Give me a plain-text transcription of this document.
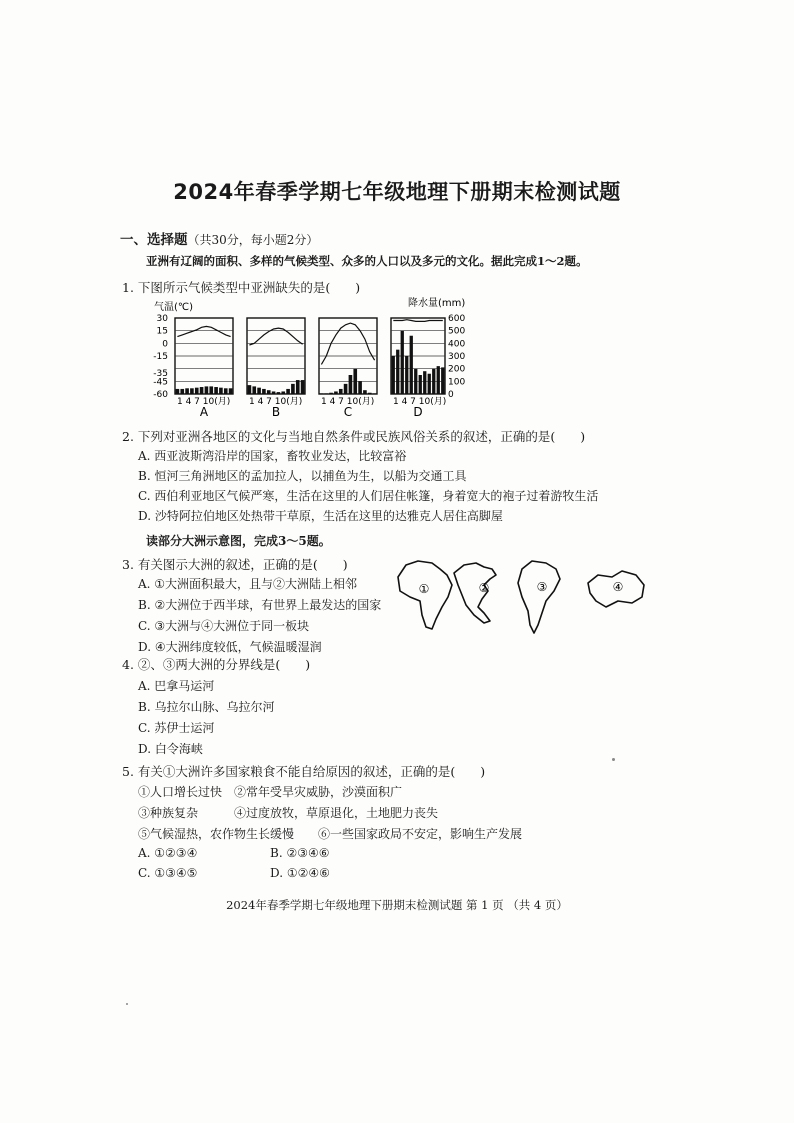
2024年春季学期七年级地理下册期末检测试题
一、选择题（共30分，每小题2分）
亚洲有辽阔的面积、多样的气候类型、众多的人口以及多元的文化。据此完成1～2题。
1. 下图所示气候类型中亚洲缺失的是(　　)
气温(℃)	降水量(mm)
30
15
0
-15
-35
-45
-60
600
500
400
300
200
100
0
1 4 7 10(月)
A
1 4 7 10(月)
B
1 4 7 10(月)
C
1 4 7 10(月)
D
2. 下列对亚洲各地区的文化与当地自然条件或民族风俗关系的叙述，正确的是(　　)
A. 西亚波斯湾沿岸的国家，畜牧业发达，比较富裕
B. 恒河三角洲地区的孟加拉人，以捕鱼为生，以船为交通工具
C. 西伯利亚地区气候严寒，生活在这里的人们居住帐篷，身着宽大的袍子过着游牧生活
D. 沙特阿拉伯地区处热带干草原，生活在这里的达雅克人居住高脚屋
读部分大洲示意图，完成3～5题。
3. 有关图示大洲的叙述，正确的是(　　)
A. ①大洲面积最大，且与②大洲陆上相邻
B. ②大洲位于西半球，有世界上最发达的国家
C. ③大洲与④大洲位于同一板块
D. ④大洲纬度较低，气候温暖湿润
①	②	③	④
4. ②、③两大洲的分界线是(　　)
A. 巴拿马运河
B. 乌拉尔山脉、乌拉尔河
C. 苏伊士运河
D. 白令海峡
5. 有关①大洲许多国家粮食不能自给原因的叙述，正确的是(　　)
①人口增长过快　②常年受旱灾威胁，沙漠面积广
③种族复杂　　　④过度放牧，草原退化，土地肥力丧失
⑤气候湿热，农作物生长缓慢　　⑥一些国家政局不安定，影响生产发展
A. ①②③④	B. ②③④⑥
C. ①③④⑤	D. ①②④⑥
2024年春季学期七年级地理下册期末检测试题 第 1 页 （共 4 页）
